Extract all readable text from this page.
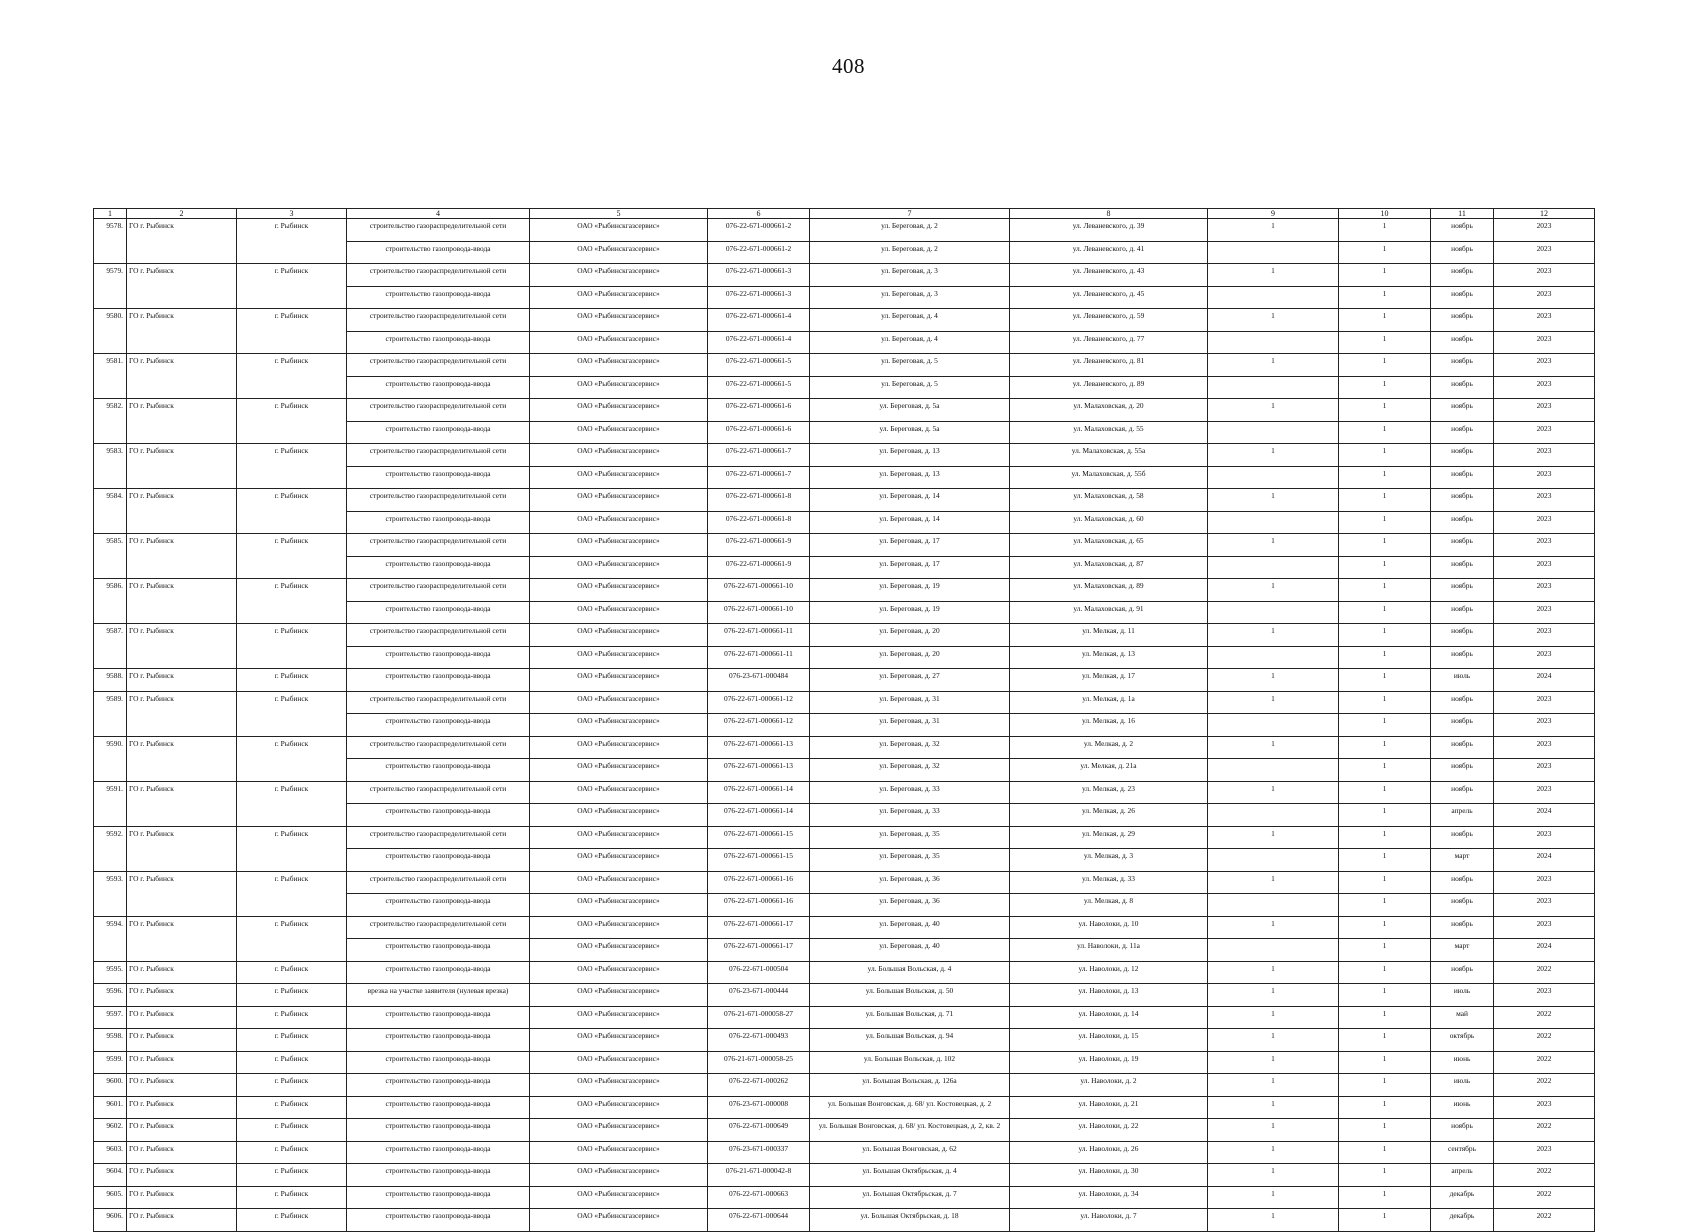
408
1	2	3	4	5	6	7	8	9	10	11	12
9578.	ГО г. Рыбинск	г. Рыбинск	строительство газораспределительной сети	ОАО «Рыбинскгазсервис»	076-22-671-000661-2	ул. Береговая, д. 2	ул. Леваневского, д. 39	1	1	ноябрь	2023
			строительство газопровода-ввода	ОАО «Рыбинскгазсервис»	076-22-671-000661-2	ул. Береговая, д. 2	ул. Леваневского, д. 41		1	ноябрь	2023
9579.	ГО г. Рыбинск	г. Рыбинск	строительство газораспределительной сети	ОАО «Рыбинскгазсервис»	076-22-671-000661-3	ул. Береговая, д. 3	ул. Леваневского, д. 43	1	1	ноябрь	2023
			строительство газопровода-ввода	ОАО «Рыбинскгазсервис»	076-22-671-000661-3	ул. Береговая, д. 3	ул. Леваневского, д. 45		1	ноябрь	2023
9580.	ГО г. Рыбинск	г. Рыбинск	строительство газораспределительной сети	ОАО «Рыбинскгазсервис»	076-22-671-000661-4	ул. Береговая, д. 4	ул. Леваневского, д. 59	1	1	ноябрь	2023
			строительство газопровода-ввода	ОАО «Рыбинскгазсервис»	076-22-671-000661-4	ул. Береговая, д. 4	ул. Леваневского, д. 77		1	ноябрь	2023
9581.	ГО г. Рыбинск	г. Рыбинск	строительство газораспределительной сети	ОАО «Рыбинскгазсервис»	076-22-671-000661-5	ул. Береговая, д. 5	ул. Леваневского, д. 81	1	1	ноябрь	2023
			строительство газопровода-ввода	ОАО «Рыбинскгазсервис»	076-22-671-000661-5	ул. Береговая, д. 5	ул. Леваневского, д. 89		1	ноябрь	2023
9582.	ГО г. Рыбинск	г. Рыбинск	строительство газораспределительной сети	ОАО «Рыбинскгазсервис»	076-22-671-000661-6	ул. Береговая, д. 5а	ул. Малаховская, д. 20	1	1	ноябрь	2023
			строительство газопровода-ввода	ОАО «Рыбинскгазсервис»	076-22-671-000661-6	ул. Береговая, д. 5а	ул. Малаховская, д. 55		1	ноябрь	2023
9583.	ГО г. Рыбинск	г. Рыбинск	строительство газораспределительной сети	ОАО «Рыбинскгазсервис»	076-22-671-000661-7	ул. Береговая, д. 13	ул. Малаховская, д. 55а	1	1	ноябрь	2023
			строительство газопровода-ввода	ОАО «Рыбинскгазсервис»	076-22-671-000661-7	ул. Береговая, д. 13	ул. Малаховская, д. 55б		1	ноябрь	2023
9584.	ГО г. Рыбинск	г. Рыбинск	строительство газораспределительной сети	ОАО «Рыбинскгазсервис»	076-22-671-000661-8	ул. Береговая, д. 14	ул. Малаховская, д. 58	1	1	ноябрь	2023
			строительство газопровода-ввода	ОАО «Рыбинскгазсервис»	076-22-671-000661-8	ул. Береговая, д. 14	ул. Малаховская, д. 60		1	ноябрь	2023
9585.	ГО г. Рыбинск	г. Рыбинск	строительство газораспределительной сети	ОАО «Рыбинскгазсервис»	076-22-671-000661-9	ул. Береговая, д. 17	ул. Малаховская, д. 65	1	1	ноябрь	2023
			строительство газопровода-ввода	ОАО «Рыбинскгазсервис»	076-22-671-000661-9	ул. Береговая, д. 17	ул. Малаховская, д. 87		1	ноябрь	2023
9586.	ГО г. Рыбинск	г. Рыбинск	строительство газораспределительной сети	ОАО «Рыбинскгазсервис»	076-22-671-000661-10	ул. Береговая, д. 19	ул. Малаховская, д. 89	1	1	ноябрь	2023
			строительство газопровода-ввода	ОАО «Рыбинскгазсервис»	076-22-671-000661-10	ул. Береговая, д. 19	ул. Малаховская, д. 91		1	ноябрь	2023
9587.	ГО г. Рыбинск	г. Рыбинск	строительство газораспределительной сети	ОАО «Рыбинскгазсервис»	076-22-671-000661-11	ул. Береговая, д. 20	ул. Мелкая, д. 11	1	1	ноябрь	2023
			строительство газопровода-ввода	ОАО «Рыбинскгазсервис»	076-22-671-000661-11	ул. Береговая, д. 20	ул. Мелкая, д. 13		1	ноябрь	2023
9588.	ГО г. Рыбинск	г. Рыбинск	строительство газопровода-ввода	ОАО «Рыбинскгазсервис»	076-23-671-000484	ул. Береговая, д. 27	ул. Мелкая, д. 17	1	1	июль	2024
9589.	ГО г. Рыбинск	г. Рыбинск	строительство газораспределительной сети	ОАО «Рыбинскгазсервис»	076-22-671-000661-12	ул. Береговая, д. 31	ул. Мелкая, д. 1а	1	1	ноябрь	2023
			строительство газопровода-ввода	ОАО «Рыбинскгазсервис»	076-22-671-000661-12	ул. Береговая, д. 31	ул. Мелкая, д. 16		1	ноябрь	2023
9590.	ГО г. Рыбинск	г. Рыбинск	строительство газораспределительной сети	ОАО «Рыбинскгазсервис»	076-22-671-000661-13	ул. Береговая, д. 32	ул. Мелкая, д. 2	1	1	ноябрь	2023
			строительство газопровода-ввода	ОАО «Рыбинскгазсервис»	076-22-671-000661-13	ул. Береговая, д. 32	ул. Мелкая, д. 21а		1	ноябрь	2023
9591.	ГО г. Рыбинск	г. Рыбинск	строительство газораспределительной сети	ОАО «Рыбинскгазсервис»	076-22-671-000661-14	ул. Береговая, д. 33	ул. Мелкая, д. 23	1	1	ноябрь	2023
			строительство газопровода-ввода	ОАО «Рыбинскгазсервис»	076-22-671-000661-14	ул. Береговая, д. 33	ул. Мелкая, д. 26		1	апрель	2024
9592.	ГО г. Рыбинск	г. Рыбинск	строительство газораспределительной сети	ОАО «Рыбинскгазсервис»	076-22-671-000661-15	ул. Береговая, д. 35	ул. Мелкая, д. 29	1	1	ноябрь	2023
			строительство газопровода-ввода	ОАО «Рыбинскгазсервис»	076-22-671-000661-15	ул. Береговая, д. 35	ул. Мелкая, д. 3		1	март	2024
9593.	ГО г. Рыбинск	г. Рыбинск	строительство газораспределительной сети	ОАО «Рыбинскгазсервис»	076-22-671-000661-16	ул. Береговая, д. 36	ул. Мелкая, д. 33	1	1	ноябрь	2023
			строительство газопровода-ввода	ОАО «Рыбинскгазсервис»	076-22-671-000661-16	ул. Береговая, д. 36	ул. Мелкая, д. 8		1	ноябрь	2023
9594.	ГО г. Рыбинск	г. Рыбинск	строительство газораспределительной сети	ОАО «Рыбинскгазсервис»	076-22-671-000661-17	ул. Береговая, д. 40	ул. Наволоки, д. 10	1	1	ноябрь	2023
			строительство газопровода-ввода	ОАО «Рыбинскгазсервис»	076-22-671-000661-17	ул. Береговая, д. 40	ул. Наволоки, д. 11а		1	март	2024
9595.	ГО г. Рыбинск	г. Рыбинск	строительство газопровода-ввода	ОАО «Рыбинскгазсервис»	076-22-671-000504	ул. Большая Вольская, д. 4	ул. Наволоки, д. 12	1	1	ноябрь	2022
9596.	ГО г. Рыбинск	г. Рыбинск	врезка на участке заявителя (нулевая врезка)	ОАО «Рыбинскгазсервис»	076-23-671-000444	ул. Большая Вольская, д. 50	ул. Наволоки, д. 13	1	1	июль	2023
9597.	ГО г. Рыбинск	г. Рыбинск	строительство газопровода-ввода	ОАО «Рыбинскгазсервис»	076-21-671-000058-27	ул. Большая Вольская, д. 71	ул. Наволоки, д. 14	1	1	май	2022
9598.	ГО г. Рыбинск	г. Рыбинск	строительство газопровода-ввода	ОАО «Рыбинскгазсервис»	076-22-671-000493	ул. Большая Вольская, д. 94	ул. Наволоки, д. 15	1	1	октябрь	2022
9599.	ГО г. Рыбинск	г. Рыбинск	строительство газопровода-ввода	ОАО «Рыбинскгазсервис»	076-21-671-000058-25	ул. Большая Вольская, д. 102	ул. Наволоки, д. 19	1	1	июнь	2022
9600.	ГО г. Рыбинск	г. Рыбинск	строительство газопровода-ввода	ОАО «Рыбинскгазсервис»	076-22-671-000262	ул. Большая Вольская, д. 126а	ул. Наволоки, д. 2	1	1	июль	2022
9601.	ГО г. Рыбинск	г. Рыбинск	строительство газопровода-ввода	ОАО «Рыбинскгазсервис»	076-23-671-000008	ул. Большая Вонговская, д. 68/ ул. Костовецкая, д. 2	ул. Наволоки, д. 21	1	1	июнь	2023
9602.	ГО г. Рыбинск	г. Рыбинск	строительство газопровода-ввода	ОАО «Рыбинскгазсервис»	076-22-671-000649	ул. Большая Вонговская, д. 68/ ул. Костовецкая, д. 2, кв. 2	ул. Наволоки, д. 22	1	1	ноябрь	2022
9603.	ГО г. Рыбинск	г. Рыбинск	строительство газопровода-ввода	ОАО «Рыбинскгазсервис»	076-23-671-000337	ул. Большая Вонговская, д. 62	ул. Наволоки, д. 26	1	1	сентябрь	2023
9604.	ГО г. Рыбинск	г. Рыбинск	строительство газопровода-ввода	ОАО «Рыбинскгазсервис»	076-21-671-000042-8	ул. Большая Октябрьская, д. 4	ул. Наволоки, д. 30	1	1	апрель	2022
9605.	ГО г. Рыбинск	г. Рыбинск	строительство газопровода-ввода	ОАО «Рыбинскгазсервис»	076-22-671-000663	ул. Большая Октябрьская, д. 7	ул. Наволоки, д. 34	1	1	декабрь	2022
9606.	ГО г. Рыбинск	г. Рыбинск	строительство газопровода-ввода	ОАО «Рыбинскгазсервис»	076-22-671-000644	ул. Большая Октябрьская, д. 18	ул. Наволоки, д. 7	1	1	декабрь	2022
